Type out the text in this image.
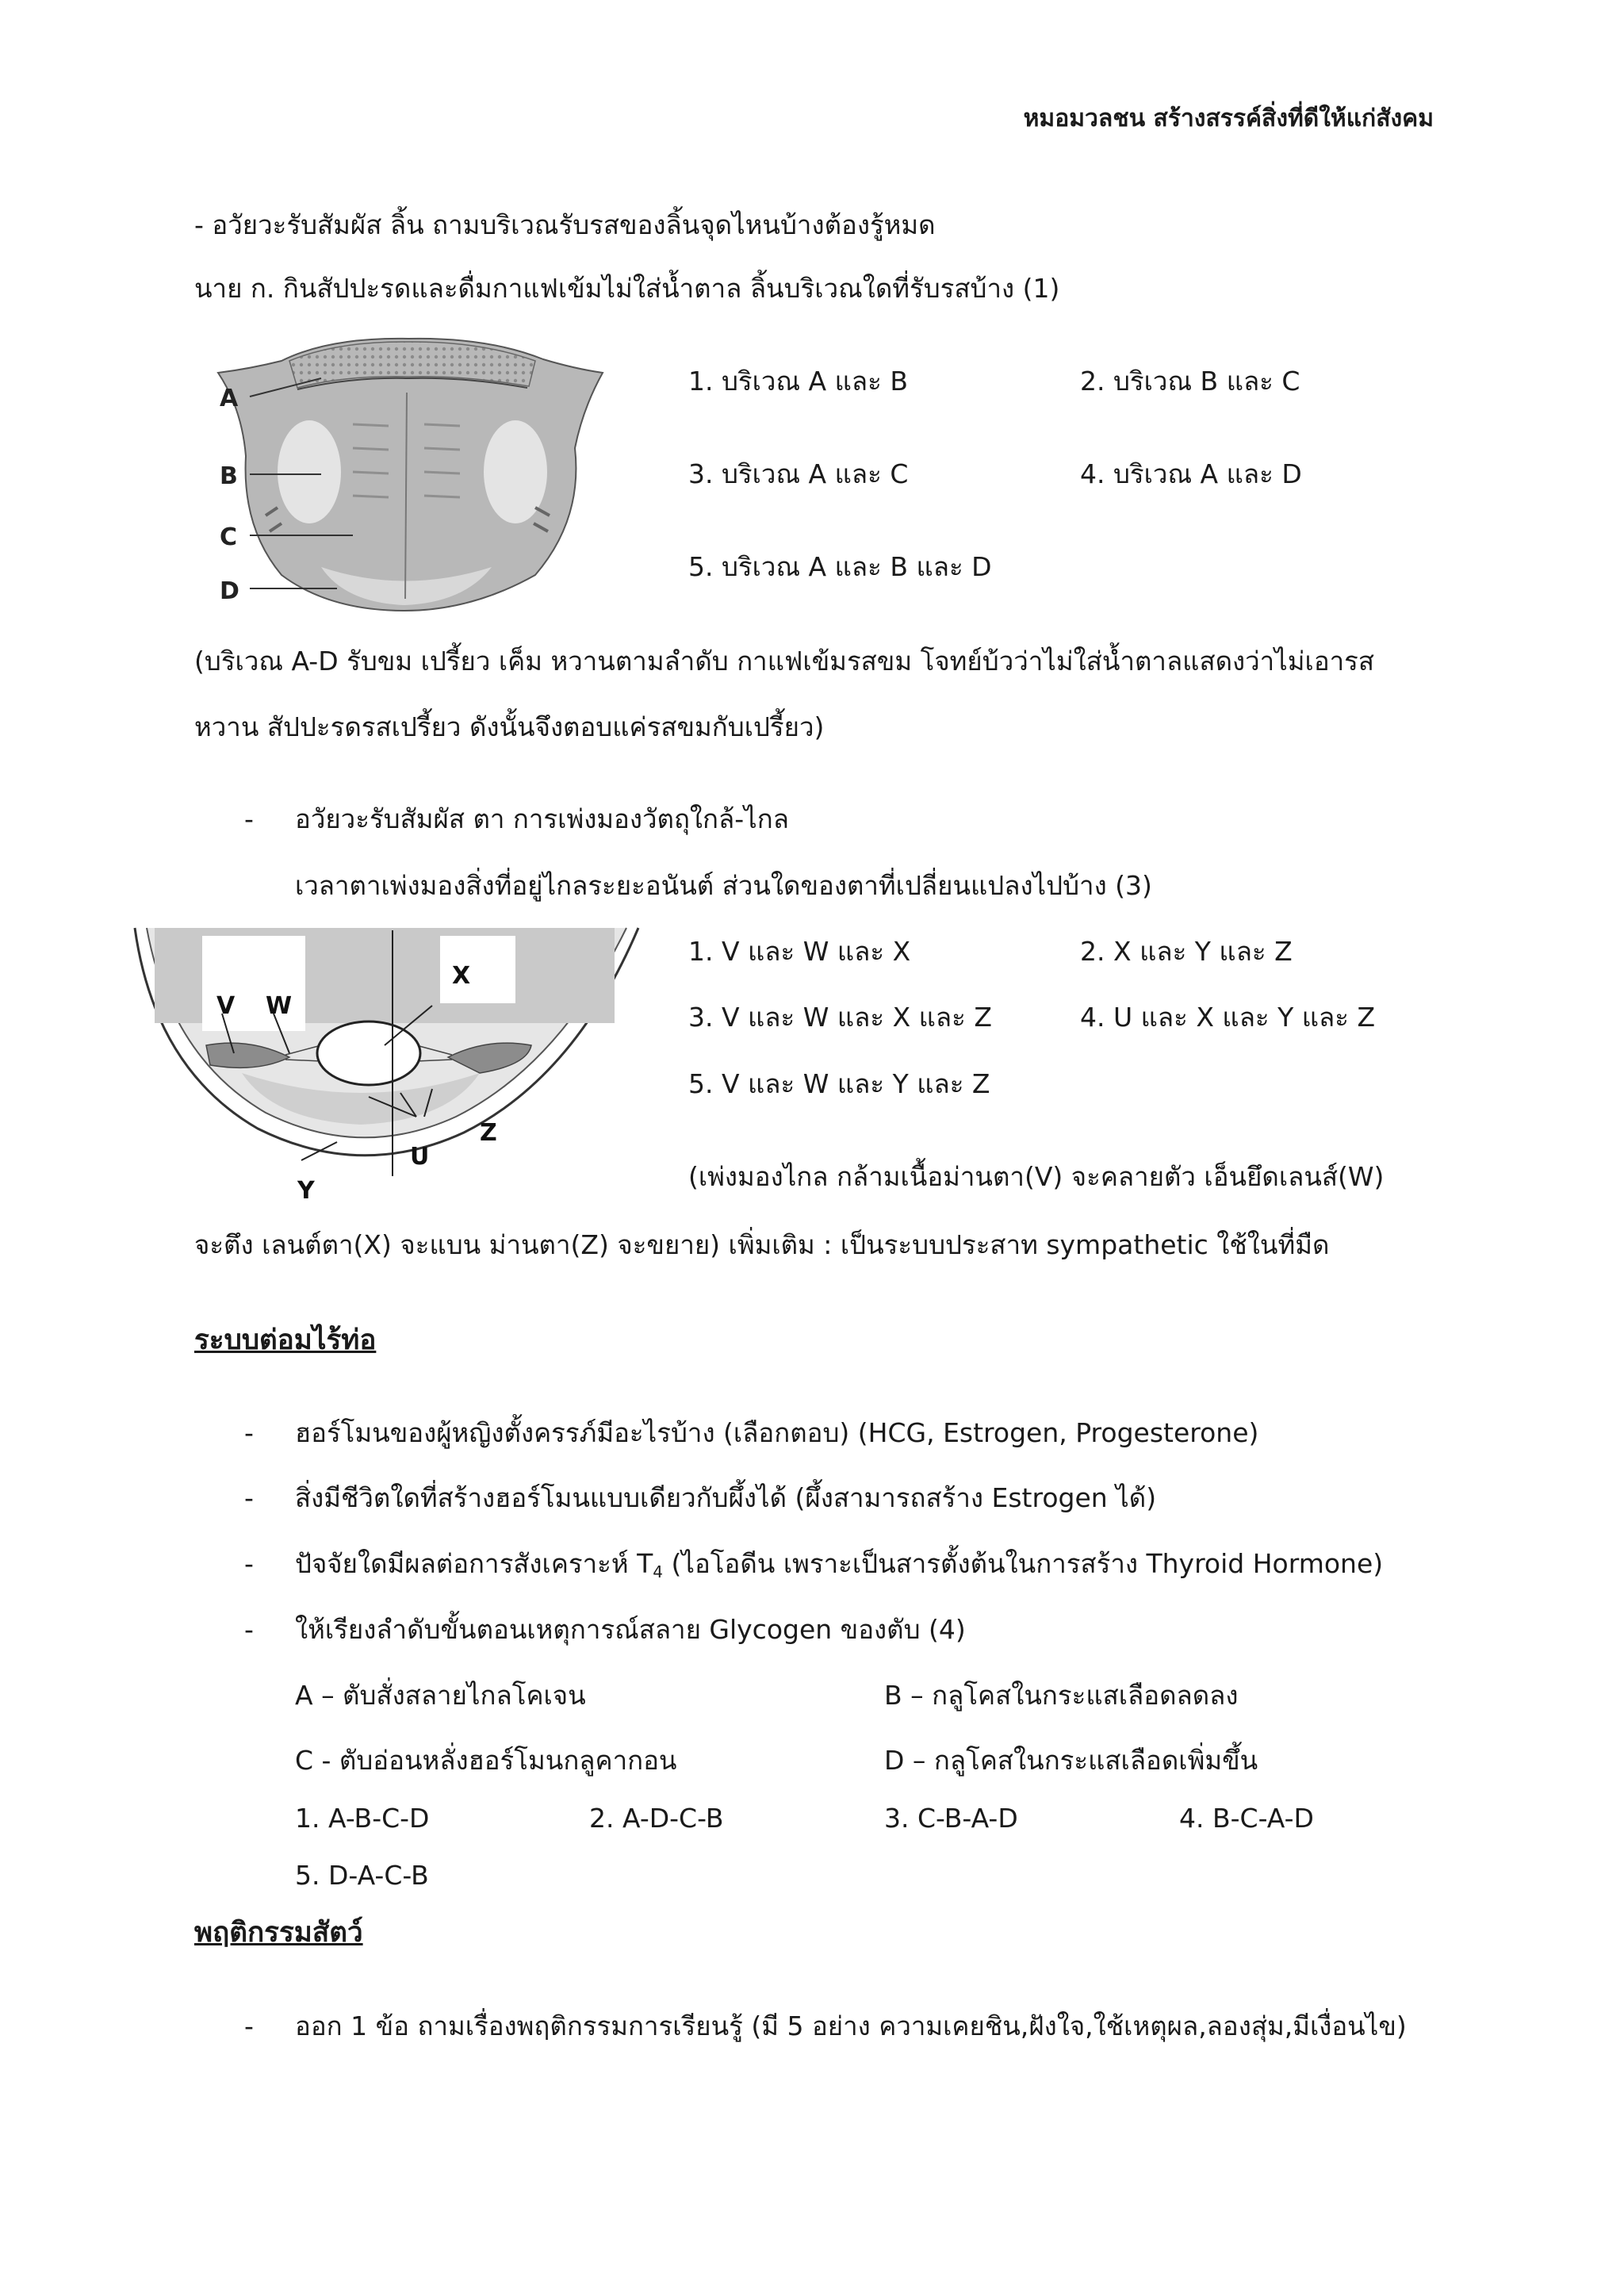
หมอมวลชน สร้างสรรค์สิ่งที่ดีให้แก่สังคม
- อวัยวะรับสัมผัส ลิ้น ถามบริเวณรับรสของลิ้นจุดไหนบ้างต้องรู้หมด
นาย ก. กินสัปปะรดและดื่มกาแฟเข้มไม่ใส่น้ำตาล ลิ้นบริเวณใดที่รับรสบ้าง (1)
A
B
C
D
1. บริเวณ A และ B	2. บริเวณ B และ C
3. บริเวณ A และ C	4. บริเวณ A และ D
5. บริเวณ A และ B และ D
(บริเวณ A-D รับขม เปรี้ยว เค็ม หวานตามลำดับ กาแฟเข้มรสขม โจทย์บ้วว่าไม่ใส่น้ำตาลแสดงว่าไม่เอารส
หวาน สัปปะรดรสเปรี้ยว ดังนั้นจึงตอบแค่รสขมกับเปรี้ยว)
- อวัยวะรับสัมผัส ตา การเพ่งมองวัตถุใกล้-ไกล
เวลาตาเพ่งมองสิ่งที่อยู่ไกลระยะอนันต์ ส่วนใดของตาที่เปลี่ยนแปลงไปบ้าง (3)
V W
X
Z
U
Y
1. V และ W และ X	2. X และ Y และ Z
3. V และ W และ X และ Z	4. U และ X และ Y และ Z
5. V และ W และ Y และ Z
(เพ่งมองไกล กล้ามเนื้อม่านตา(V) จะคลายตัว เอ็นยึดเลนส์(W)
จะตึง เลนต์ตา(X) จะแบน ม่านตา(Z) จะขยาย) เพิ่มเติม : เป็นระบบประสาท sympathetic ใช้ในที่มืด
ระบบต่อมไร้ท่อ
- ฮอร์โมนของผู้หญิงตั้งครรภ์มีอะไรบ้าง (เลือกตอบ) (HCG, Estrogen, Progesterone)
- สิ่งมีชีวิตใดที่สร้างฮอร์โมนแบบเดียวกับผึ้งได้ (ผึ้งสามารถสร้าง Estrogen ได้)
- ปัจจัยใดมีผลต่อการสังเคราะห์ $T_4$ (ไอโอดีน เพราะเป็นสารตั้งต้นในการสร้าง Thyroid Hormone)
- ให้เรียงลำดับขั้นตอนเหตุการณ์สลาย Glycogen ของตับ (4)
A – ตับสั่งสลายไกลโคเจน	B – กลูโคสในกระแสเลือดลดลง
C - ตับอ่อนหลั่งฮอร์โมนกลูคากอน	D – กลูโคสในกระแสเลือดเพิ่มขึ้น
1. A-B-C-D	2. A-D-C-B	3. C-B-A-D	4. B-C-A-D
5. D-A-C-B
พฤติกรรมสัตว์
- ออก 1 ข้อ ถามเรื่องพฤติกรรมการเรียนรู้ (มี 5 อย่าง ความเคยชิน,ฝังใจ,ใช้เหตุผล,ลองสุ่ม,มีเงื่อนไข)
